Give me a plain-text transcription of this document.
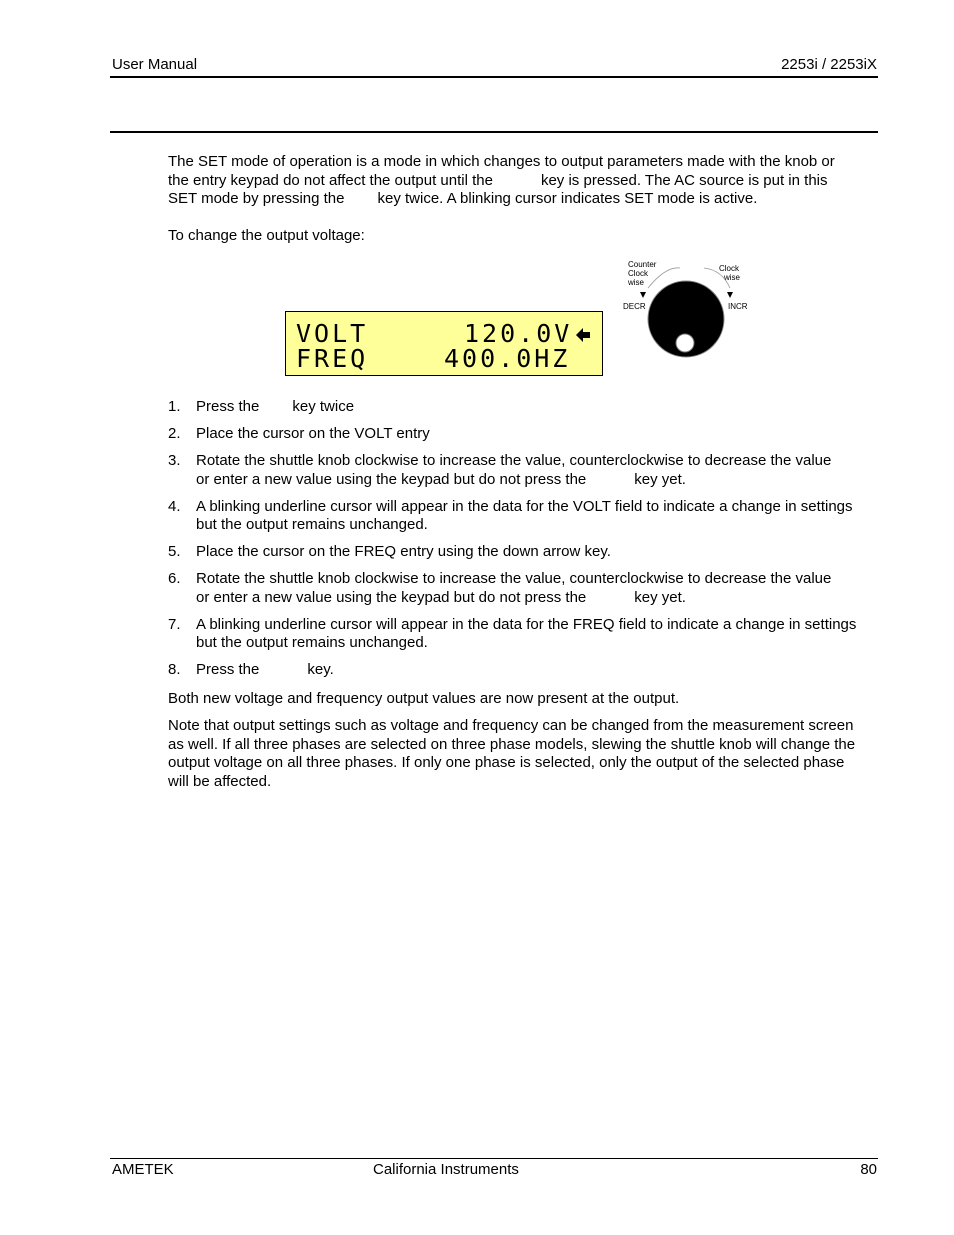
User Manual	2253i / 2253iX
The SET mode of operation is a mode in which changes to output parameters made with the knob or
the entry keypad do not affect the output until the	key is pressed. The AC source is put in this
SET mode by pressing the key twice. A blinking cursor indicates SET mode is active.
To change the output voltage:
VOLT	120.0V
FREQ	400.0HZ
Counter
Clock
wise
Clock
wise
DECR	INCR
1. Press the key twice
2. Place the cursor on the VOLT entry
3. Rotate the shuttle knob clockwise to increase the value, counterclockwise to decrease the value
or enter a new value using the keypad but do not press the	key yet.
4. A blinking underline cursor will appear in the data for the VOLT field to indicate a change in settings but the output remains unchanged.
5. Place the cursor on the FREQ entry using the down arrow key.
6. Rotate the shuttle knob clockwise to increase the value, counterclockwise to decrease the value
or enter a new value using the keypad but do not press the	key yet.
7. A blinking underline cursor will appear in the data for the FREQ field to indicate a change in settings but the output remains unchanged.
8. Press the	key.
Both new voltage and frequency output values are now present at the output.
Note that output settings such as voltage and frequency can be changed from the measurement screen as well. If all three phases are selected on three phase models, slewing the shuttle knob will change the output voltage on all three phases. If only one phase is selected, only the output of the selected phase will be affected.
AMETEK	California Instruments	80
